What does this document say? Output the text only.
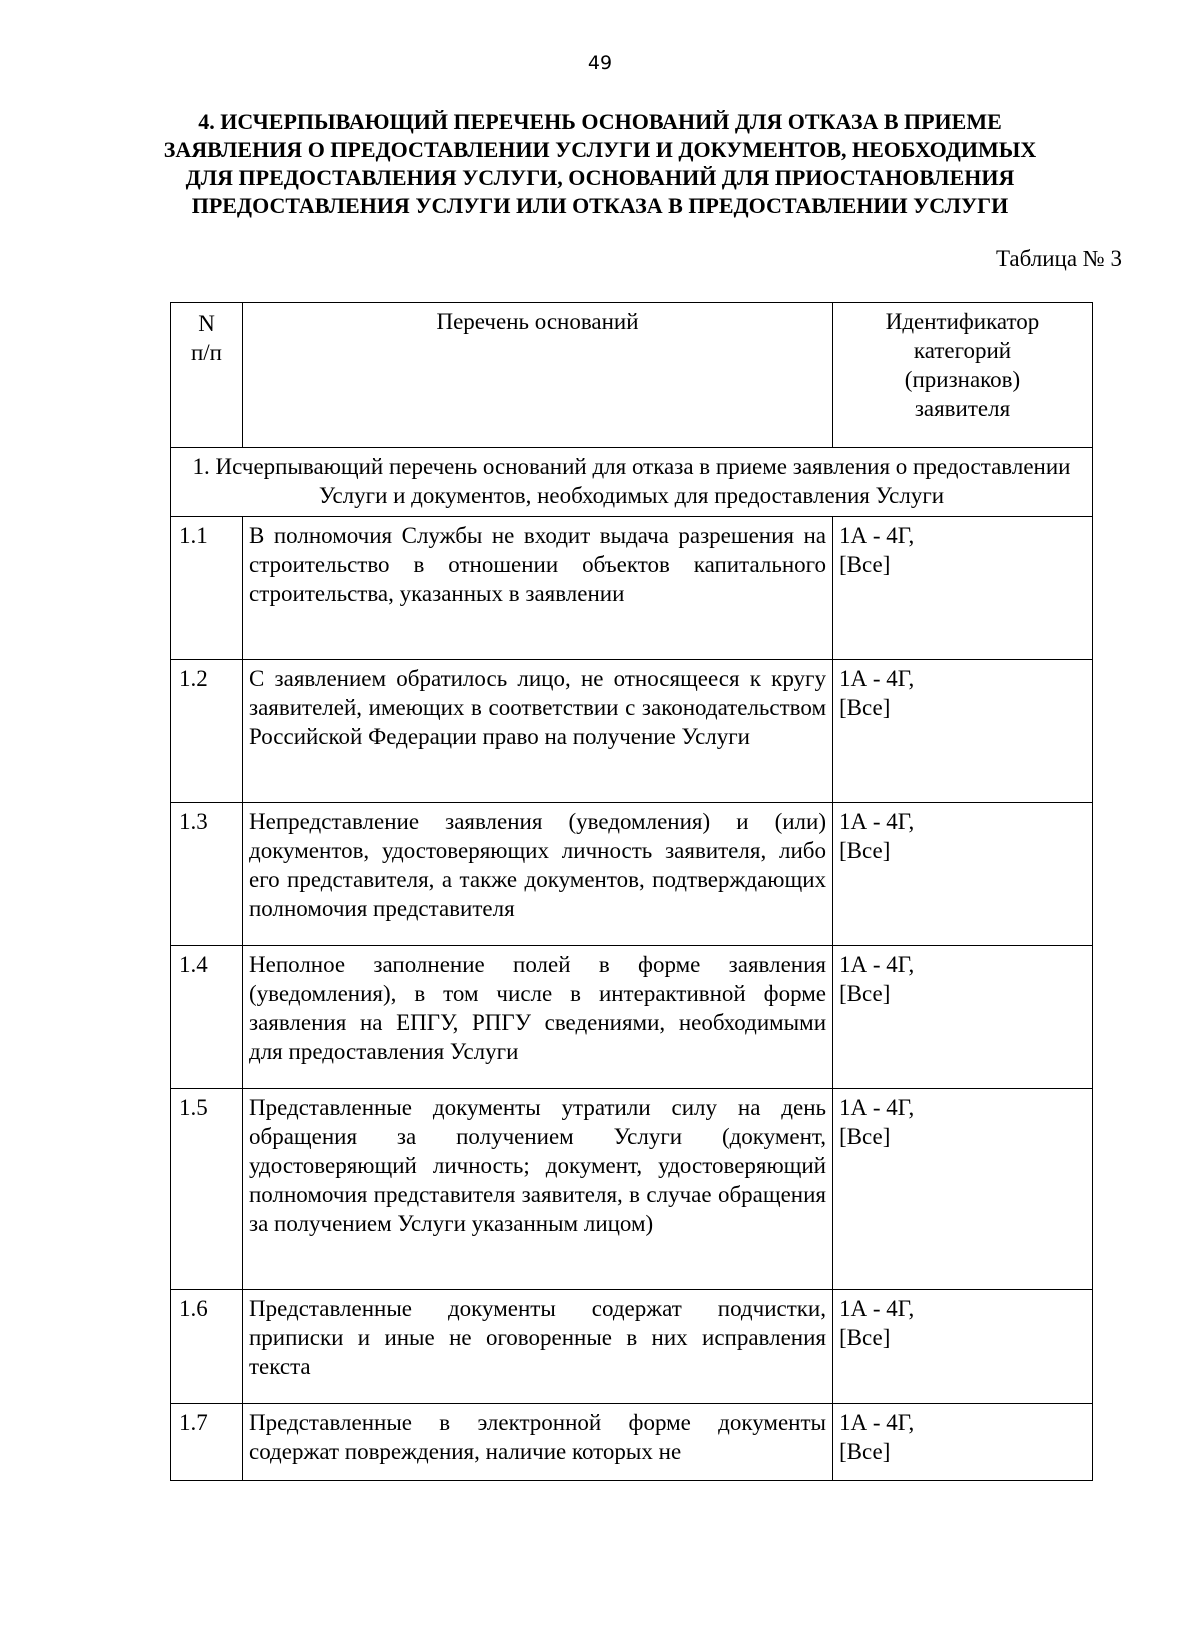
49
4. ИСЧЕРПЫВАЮЩИЙ ПЕРЕЧЕНЬ ОСНОВАНИЙ ДЛЯ ОТКАЗА В ПРИЕМЕ
ЗАЯВЛЕНИЯ О ПРЕДОСТАВЛЕНИИ УСЛУГИ И ДОКУМЕНТОВ, НЕОБХОДИМЫХ
ДЛЯ ПРЕДОСТАВЛЕНИЯ УСЛУГИ, ОСНОВАНИЙ ДЛЯ ПРИОСТАНОВЛЕНИЯ
ПРЕДОСТАВЛЕНИЯ УСЛУГИ ИЛИ ОТКАЗА В ПРЕДОСТАВЛЕНИИ УСЛУГИ
Таблица № 3
N
п/п	Перечень оснований	Идентификатор
категорий
(признаков)
заявителя

1. Исчерпывающий перечень оснований для отказа в приеме заявления о предоставлении Услуги и документов, необходимых для предоставления Услуги		
1.1	В полномочия Службы не входит выдача разрешения на строительство в отношении объектов капитального строительства, указанных в заявлении	1А - 4Г,
[Все]

1.2	С заявлением обратилось лицо, не относящееся к кругу заявителей, имеющих в соответствии с законодательством Российской Федерации право на получение Услуги	1А - 4Г,
[Все]

1.3	Непредставление заявления (уведомления) и (или) документов, удостоверяющих личность заявителя, либо его представителя, а также документов, подтверждающих полномочия представителя	1А - 4Г,
[Все]

1.4	Неполное заполнение полей в форме заявления (уведомления), в том числе в интерактивной форме заявления на ЕПГУ, РПГУ сведениями, необходимыми для предоставления Услуги	1А - 4Г,
[Все]

1.5	Представленные документы утратили силу на день обращения за получением Услуги (документ, удостоверяющий личность; документ, удостоверяющий полномочия представителя заявителя, в случае обращения за получением Услуги указанным лицом)	1А - 4Г,
[Все]

1.6	Представленные документы содержат подчистки, приписки и иные не оговоренные в них исправления текста	1А - 4Г,
[Все]

1.7	Представленные в электронной форме документы содержат повреждения, наличие которых не	1А - 4Г,
[Все]
